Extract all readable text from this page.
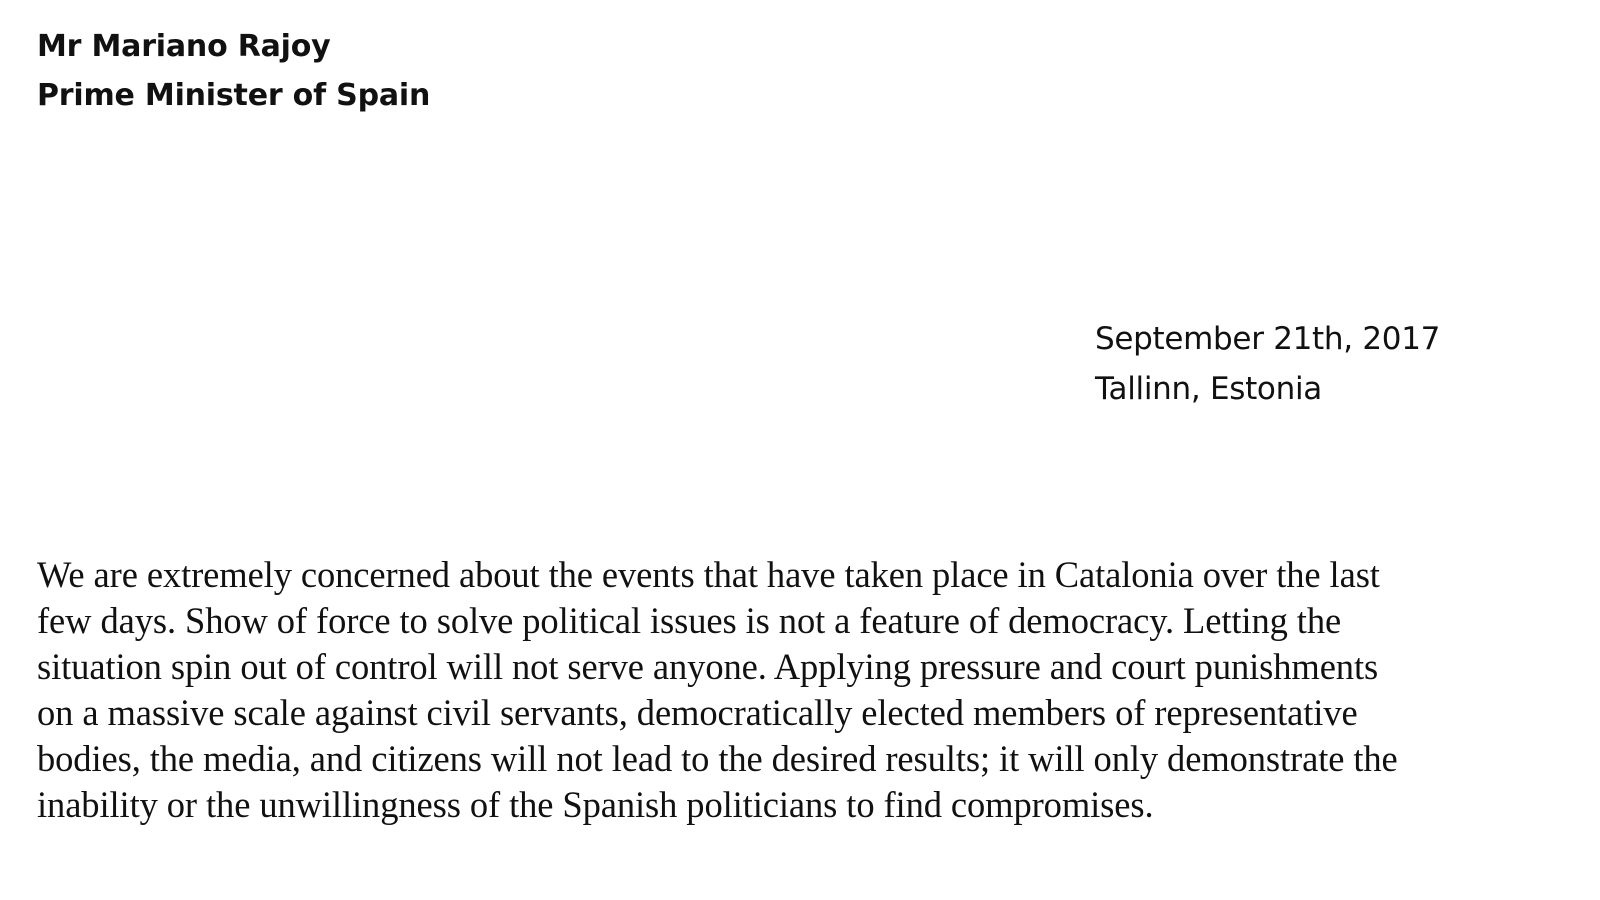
Mr Mariano Rajoy
Prime Minister of Spain
September 21th, 2017
Tallinn, Estonia
We are extremely concerned about the events that have taken place in Catalonia over the last
few days. Show of force to solve political issues is not a feature of democracy. Letting the
situation spin out of control will not serve anyone. Applying pressure and court punishments
on a massive scale against civil servants, democratically elected members of representative
bodies, the media, and citizens will not lead to the desired results; it will only demonstrate the
inability or the unwillingness of the Spanish politicians to find compromises.
